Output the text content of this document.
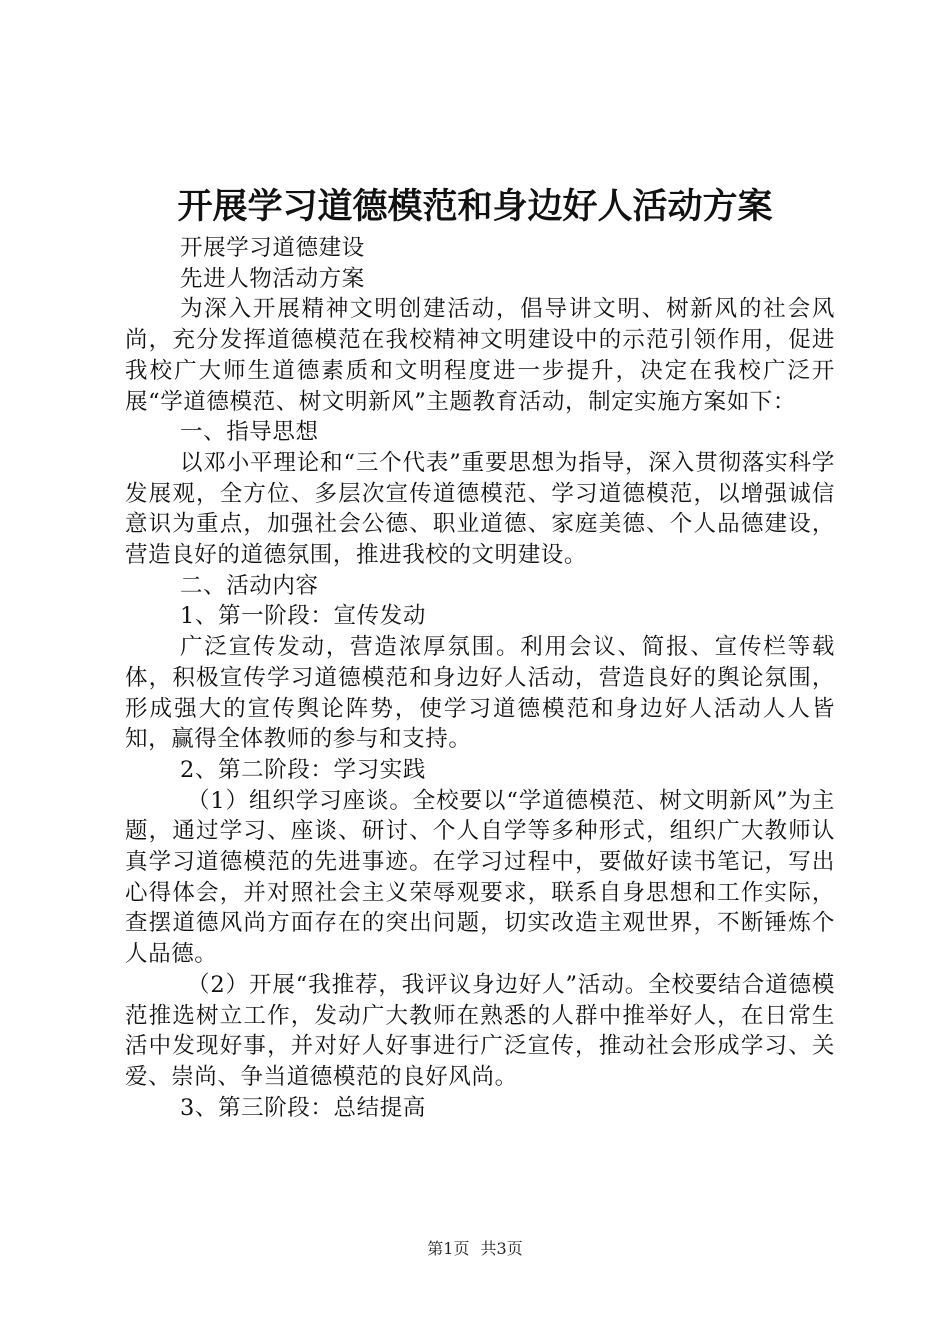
开展学习道德模范和身边好人活动方案

开展学习道德建设

先进人物活动方案

为深入开展精神文明创建活动，倡导讲文明、树新风的社会风尚，充分发挥道德模范在我校精神文明建设中的示范引领作用，促进我校广大师生道德素质和文明程度进一步提升，决定在我校广泛开展“学道德模范、树文明新风”主题教育活动，制定实施方案如下：

一、指导思想

以邓小平理论和“三个代表”重要思想为指导，深入贯彻落实科学发展观，全方位、多层次宣传道德模范、学习道德模范，以增强诚信意识为重点，加强社会公德、职业道德、家庭美德、个人品德建设，营造良好的道德氛围，推进我校的文明建设。

二、活动内容

1、第一阶段：宣传发动

广泛宣传发动，营造浓厚氛围。利用会议、简报、宣传栏等载体，积极宣传学习道德模范和身边好人活动，营造良好的舆论氛围，形成强大的宣传舆论阵势，使学习道德模范和身边好人活动人人皆知，赢得全体教师的参与和支持。

2、第二阶段：学习实践

（1）组织学习座谈。全校要以“学道德模范、树文明新风”为主题，通过学习、座谈、研讨、个人自学等多种形式，组织广大教师认真学习道德模范的先进事迹。在学习过程中，要做好读书笔记，写出心得体会，并对照社会主义荣辱观要求，联系自身思想和工作实际，查摆道德风尚方面存在的突出问题，切实改造主观世界，不断锤炼个人品德。

（2）开展“我推荐，我评议身边好人”活动。全校要结合道德模范推选树立工作，发动广大教师在熟悉的人群中推举好人，在日常生活中发现好事，并对好人好事进行广泛宣传，推动社会形成学习、关爱、崇尚、争当道德模范的良好风尚。

3、第三阶段：总结提高

第1页 共3页
